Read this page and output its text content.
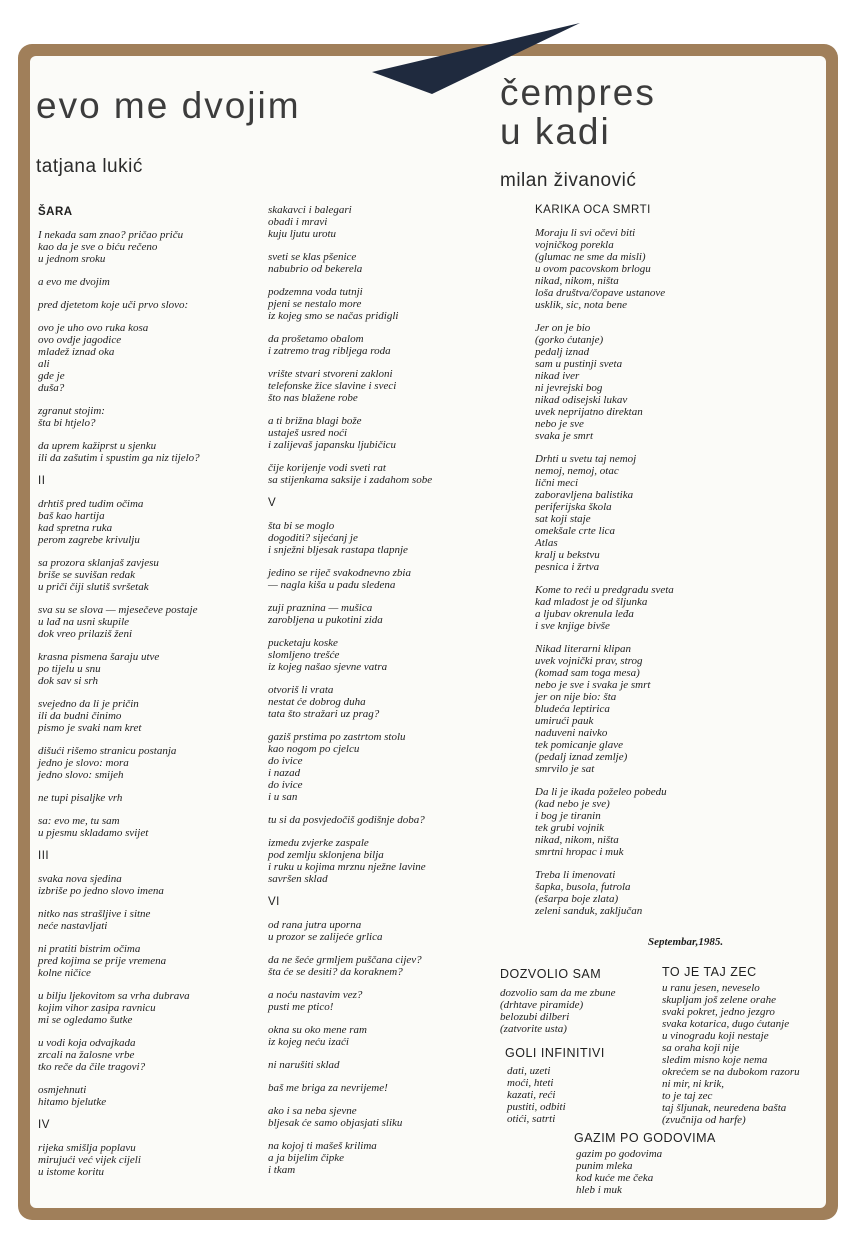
evo me dvojim
tatjana lukić
čempres
u kadi
milan živanović
ŠARA
I nekada sam znao? pričao priču
kao da je sve o biću rečeno
u jednom sroku
a evo me dvojim
pred djetetom koje uči prvo slovo:
ovo je uho ovo ruka kosa
ovo ovdje jagodice
mladež iznad oka
ali
gde je
duša?
zgranut stojim:
šta bi htjelo?
da uprem kažiprst u sjenku
ili da zašutim i spustim ga niz tijelo?
II
drhtiš pred tudim očima
baš kao hartija
kad spretna ruka
perom zagrebe krivulju
sa prozora sklanjaš zavjesu
briše se suvišan redak
u priči čiji slutiš svršetak
sva su se slova — mjesečeve postaje
u lađ na usni skupile
dok vreo prilaziš ženi
krasna pismena šaraju utve
po tijelu u snu
dok sav si srh
svejedno da li je pričin
ili da budni činimo
pismo je svaki nam kret
dišući rišemo stranicu postanja
jedno je slovo: mora
jedno slovo: smijeh
ne tupi pisaljke vrh
sa: evo me, tu sam
u pjesmu skladamo svijet
III
svaka nova sjedina
izbriše po jedno slovo imena
nitko nas strašljive i sitne
neće nastavljati
ni pratiti bistrim očima
pred kojima se prije vremena
kolne ničice
u bilju ljekovitom sa vrha dubrava
kojim vihor zasipa ravnicu
mi se ogledamo šutke
u vodi koja odvajkada
zrcali na žalosne vrbe
tko reče da čile tragovi?
osmjehnuti
hitamo bjelutke
IV
rijeka smišlja poplavu
mirujući već vijek cijeli
u istome koritu
skakavci i balegari
obadi i mravi
kuju ljutu urotu
sveti se klas pšenice
nabubrio od bekerela
podzemna voda tutnji
pjeni se nestalo more
iz kojeg smo se načas pridigli
da prošetamo obalom
i zatremo trag ribljega roda
vrište stvari stvoreni zakloni
telefonske žice slavine i sveci
što nas blažene robe
a ti brižna blagi bože
ustaješ usred noći
i zalijevaš japansku ljubičicu
čije korijenje vodi sveti rat
sa stijenkama saksije i zadahom sobe
V
šta bi se moglo
dogoditi? sijećanj je
i snježni bljesak rastapa tlapnje
jedino se riječ svakodnevno zbia
— nagla kiša u padu sledena
zuji praznina — mušica
zarobljena u pukotini zida
pucketaju koske
slomljeno trešće
iz kojeg našao sjevne vatra
otvoriš li vrata
nestat će dobrog duha
tata što stražari uz prag?
gaziš prstima po zastrtom stolu
kao nogom po cjelcu
do ivice
i nazad
do ivice
i u san
tu si da posvjedočiš godišnje doba?
izmedu zvjerke zaspale
pod zemlju sklonjena bilja
i ruku u kojima mrznu nježne lavine
savršen sklad
VI
od rana jutra uporna
u prozor se zalijeće grlica
da ne šeće grmljem puščana cijev?
šta će se desiti? da koraknem?
a noću nastavim vez?
pusti me ptico!
okna su oko mene ram
iz kojeg neću izaći
ni narušiti sklad
baš me briga za nevrijeme!
ako i sa neba sjevne
bljesak će samo objasjati sliku
na kojoj ti mašeš krilima
a ja bijelim čipke
i tkam
KARIKA OCA SMRTI
Moraju li svi očevi biti
vojničkog porekla
(glumac ne sme da misli)
u ovom pacovskom brlogu
nikad, nikom, ništa
loša društva/čopave ustanove
usklik, sic, nota bene
Jer on je bio
(gorko ćutanje)
pedalj iznad
sam u pustinji sveta
nikad iver
ni jevrejski bog
nikad odisejski lukav
uvek neprijatno direktan
nebo je sve
svaka je smrt
Drhti u svetu taj nemoj
nemoj, nemoj, otac
lični meci
zaboravljena balistika
periferijska škola
sat koji staje
omekšale crte lica
Atlas
kralj u bekstvu
pesnica i žrtva
Kome to reći u predgradu sveta
kad mladost je od šljunka
a ljubav okrenula leđa
i sve knjige bivše
Nikad literarni klipan
uvek vojnički prav, strog
(komad sam toga mesa)
nebo je sve i svaka je smrt
jer on nije bio: šta
bludeća leptirica
umirući pauk
naduveni naivko
tek pomicanje glave
(pedalj iznad zemlje)
smrvilo je sat
Da li je ikada poželeo pobedu
(kad nebo je sve)
i bog je tiranin
tek grubi vojnik
nikad, nikom, ništa
smrtni hropac i muk
Treba li imenovati
šapka, busola, futrola
(ešarpa boje zlata)
zeleni sanduk, zaključan
Septembar,1985.
DOZVOLIO SAM
dozvolio sam da me zbune
(drhtave piramide)
belozubi dilberi
(zatvorite usta)
GOLI INFINITIVI
dati, uzeti
moći, hteti
kazati, reći
pustiti, odbiti
otići, satrti
TO JE TAJ ZEC
u ranu jesen, neveselo
skupljam još zelene orahe
svaki pokret, jedno jezgro
svaka kotarica, dugo ćutanje
u vinogradu koji nestaje
sa oraha koji nije
sledim misno koje nema
okrećem se na dubokom razoru
ni mir, ni krik,
to je taj zec
taj šljunak, neuredena bašta
(zvučnija od harfe)
GAZIM PO GODOVIMA
gazim po godovima
punim mleka
kod kuće me čeka
hleb i muk
